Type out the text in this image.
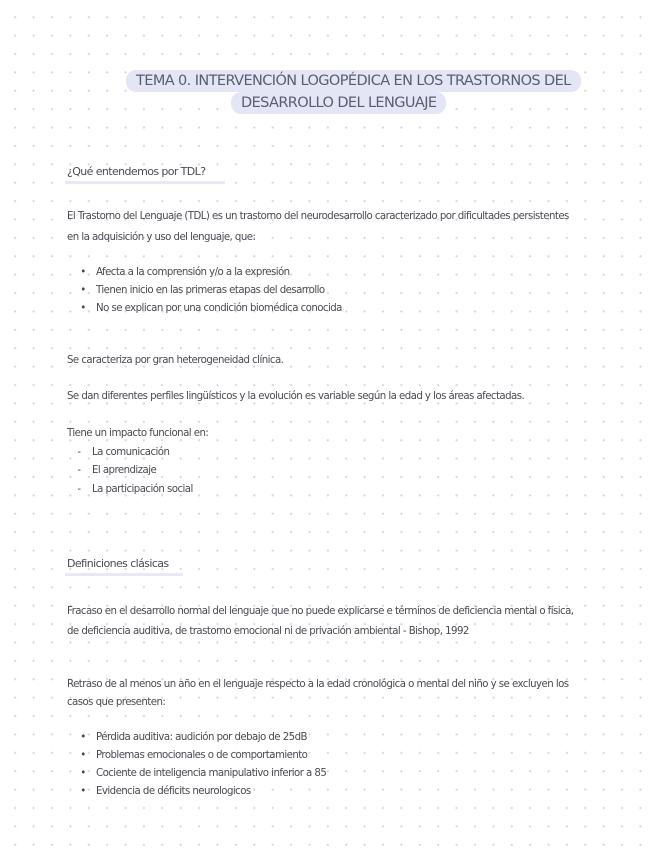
TEMA 0. INTERVENCIÓN LOGOPÉDICA EN LOS TRASTORNOS DEL
DESARROLLO DEL LENGUAJE
¿Qué entendemos por TDL?
El Trastorno del Lenguaje (TDL) es un trastorno del neurodesarrollo caracterizado por dificultades persistentes
en la adquisición y uso del lenguaje, que:
• Afecta a la comprensión y/o a la expresión
• Tienen inicio en las primeras etapas del desarrollo
• No se explican por una condición biomédica conocida
Se caracteriza por gran heterogeneidad clínica.
Se dan diferentes perfiles lingüísticos y la evolución es variable según la edad y los áreas afectadas.
Tiene un impacto funcional en:
- La comunicación
- El aprendizaje
- La participación social
Definiciones clásicas
Fracaso en el desarrollo normal del lenguaje que no puede explicarse e términos de deficiencia mental o física,
de deficiencia auditiva, de trastorno emocional ni de privación ambiental - Bishop, 1992
Retraso de al menos un año en el lenguaje respecto a la edad cronológica o mental del niño y se excluyen los
casos que presenten:
• Pérdida auditiva: audición por debajo de 25dB
• Problemas emocionales o de comportamiento
• Cociente de inteligencia manipulativo inferior a 85
• Evidencia de déficits neurologicos
